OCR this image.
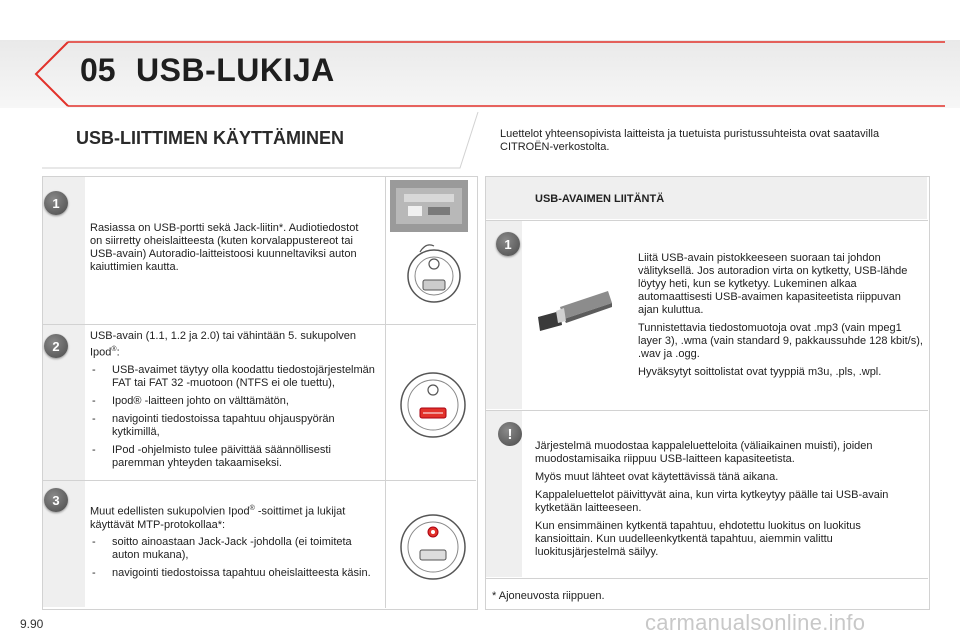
05 USB-LUKIJA
USB-LIITTIMEN KÄYTTÄMINEN	Luettelot yhteensopivista laitteista ja tuetuista puristussuhteista ovat saatavilla CITROËN-verkostolta.
1
2
3
Rasiassa on USB-portti sekä Jack-liitin*. Audiotiedostot on siirretty oheislaitteesta (kuten korvalappustereot tai USB-avain) Autoradio-laitteistoosi kuunneltaviksi auton kaiuttimien kautta.

USB-avain (1.1, 1.2 ja 2.0) tai vähintään 5. sukupolven Ipod®:

- USB-avaimet täytyy olla koodattu tiedostojärjestelmän FAT tai FAT 32 -muotoon (NTFS ei ole tuettu),
- Ipod® -laitteen johto on välttämätön,
- navigointi tiedostoissa tapahtuu ohjauspyörän kytkimillä,
- IPod -ohjelmisto tulee päivittää säännöllisesti paremman yhteyden takaamiseksi.

Muut edellisten sukupolvien Ipod® -soittimet ja lukijat käyttävät MTP-protokollaa*:

- soitto ainoastaan Jack-Jack -johdolla (ei toimiteta auton mukana),
- navigointi tiedostoissa tapahtuu oheislaitteesta käsin.
USB-AVAIMEN LIITÄNTÄ
1
!

Liitä USB-avain pistokkeeseen suoraan tai johdon välityksellä. Jos autoradion virta on kytketty, USB-lähde löytyy heti, kun se kytketyy. Lukeminen alkaa automaattisesti USB-avaimen kapasiteetista riippuvan ajan kuluttua.

Tunnistettavia tiedostomuotoja ovat .mp3 (vain mpeg1 layer 3), .wma (vain standard 9, pakkaussuhde 128 kbit/s), .wav ja .ogg.

Hyväksytyt soittolistat ovat tyyppiä m3u, .pls, .wpl.

Järjestelmä muodostaa kappaleluetteloita (väliaikainen muisti), joiden muodostamisaika riippuu USB-laitteen kapasiteetista.

Myös muut lähteet ovat käytettävissä tänä aikana.

Kappaleluettelot päivittyvät aina, kun virta kytkeytyy päälle tai USB-avain kytketään laitteeseen.

Kun ensimmäinen kytkentä tapahtuu, ehdotettu luokitus on luokitus kansioittain. Kun uudelleenkytkentä tapahtuu, aiemmin valittu luokitusjärjestelmä säilyy.

* Ajoneuvosta riippuen.
9.90	carmanualsonline.info
